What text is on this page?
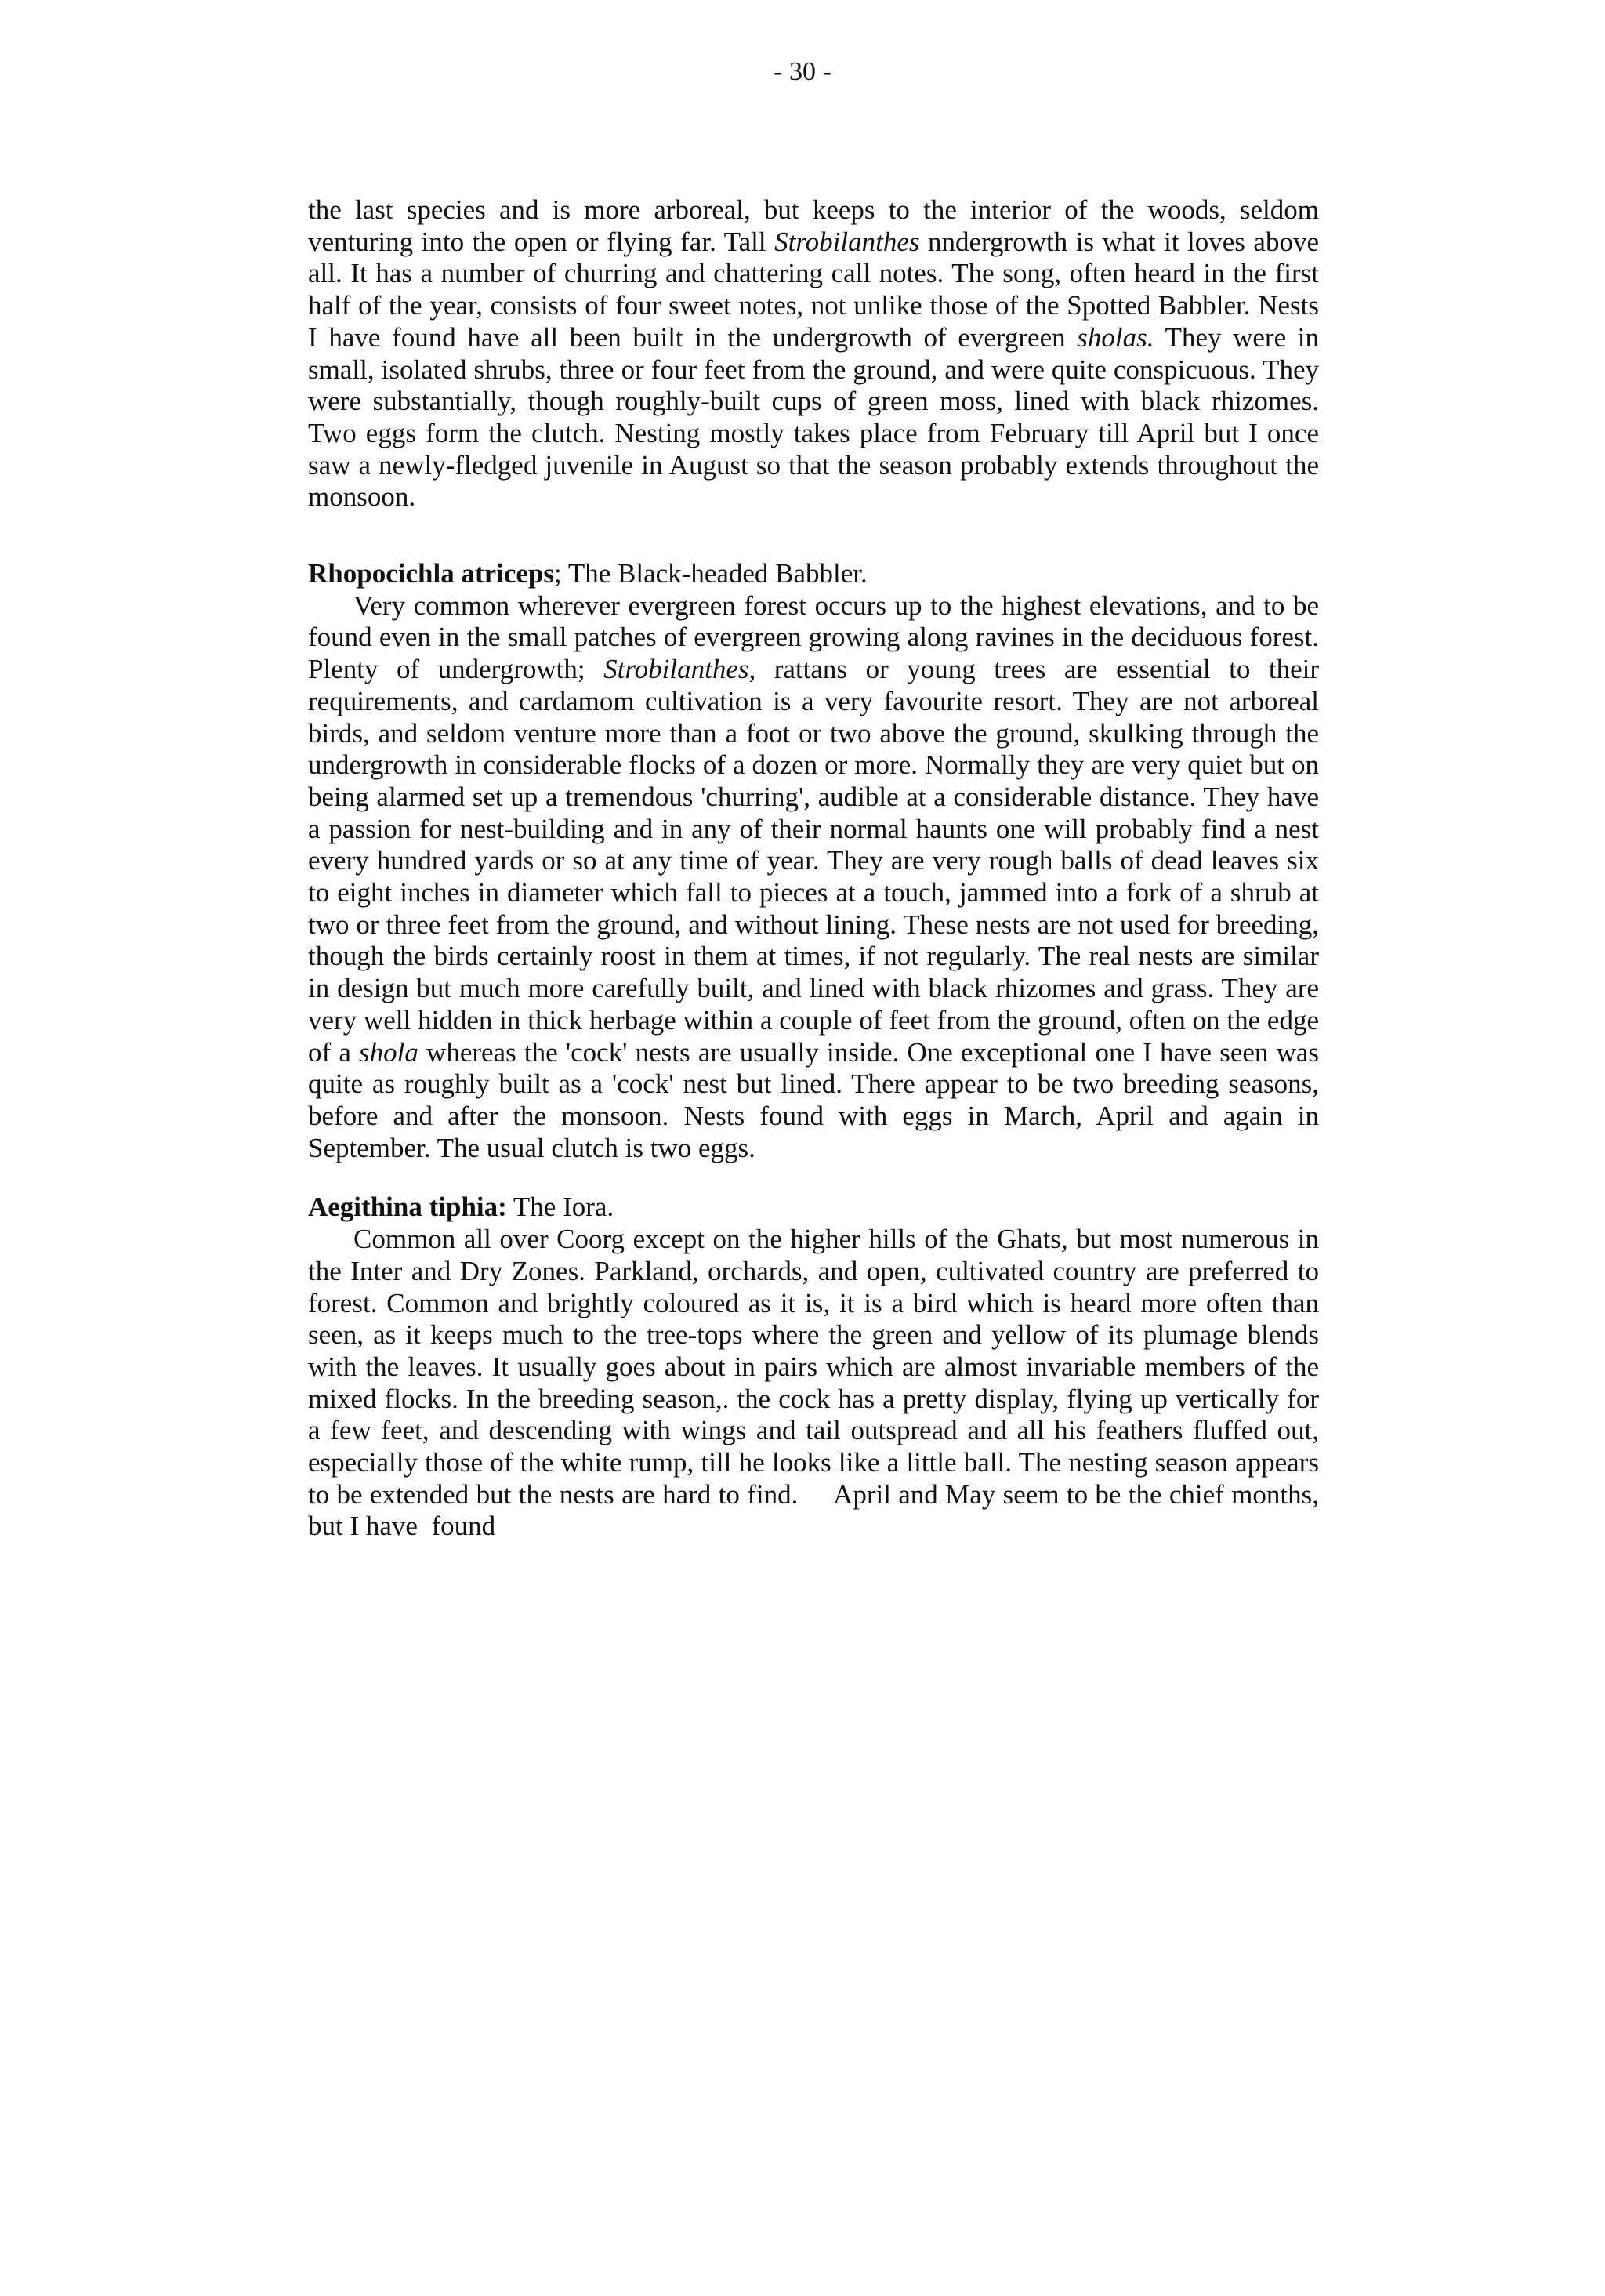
- 30 -

the last species and is more arboreal, but keeps to the interior of the woods, seldom venturing into the open or flying far. Tall Strobilanthes nndergrowth is what it loves above all. It has a number of churring and chattering call notes. The song, often heard in the first half of the year, consists of four sweet notes, not unlike those of the Spotted Babbler. Nests I have found have all been built in the undergrowth of evergreen sholas. They were in small, isolated shrubs, three or four feet from the ground, and were quite conspicuous. They were substantially, though roughly-built cups of green moss, lined with black rhizomes. Two eggs form the clutch. Nesting mostly takes place from February till April but I once saw a newly-fledged juvenile in August so that the season probably extends throughout the monsoon.

Rhopocichla atriceps; The Black-headed Babbler.

Very common wherever evergreen forest occurs up to the highest elevations, and to be found even in the small patches of evergreen growing along ravines in the deciduous forest. Plenty of undergrowth; Strobilanthes, rattans or young trees are essential to their requirements, and cardamom cultivation is a very favourite resort. They are not arboreal birds, and seldom venture more than a foot or two above the ground, skulking through the undergrowth in considerable flocks of a dozen or more. Normally they are very quiet but on being alarmed set up a tremendous 'churring', audible at a considerable distance. They have a passion for nest-building and in any of their normal haunts one will probably find a nest every hundred yards or so at any time of year. They are very rough balls of dead leaves six to eight inches in diameter which fall to pieces at a touch, jammed into a fork of a shrub at two or three feet from the ground, and without lining. These nests are not used for breeding, though the birds certainly roost in them at times, if not regularly. The real nests are similar in design but much more carefully built, and lined with black rhizomes and grass. They are very well hidden in thick herbage within a couple of feet from the ground, often on the edge of a shola whereas the 'cock' nests are usually inside. One exceptional one I have seen was quite as roughly built as a 'cock' nest but lined. There appear to be two breeding seasons, before and after the monsoon. Nests found with eggs in March, April and again in September. The usual clutch is two eggs.

Aegithina tiphia: The Iora.

Common all over Coorg except on the higher hills of the Ghats, but most numerous in the Inter and Dry Zones. Parkland, orchards, and open, cultivated country are preferred to forest. Common and brightly coloured as it is, it is a bird which is heard more often than seen, as it keeps much to the tree-tops where the green and yellow of its plumage blends with the leaves. It usually goes about in pairs which are almost invariable members of the mixed flocks. In the breeding season,. the cock has a pretty display, flying up vertically for a few feet, and descending with wings and tail outspread and all his feathers fluffed out, especially those of the white rump, till he looks like a little ball. The nesting season appears to be extended but the nests are hard to find.     April and May seem to be the chief months, but I have  found
